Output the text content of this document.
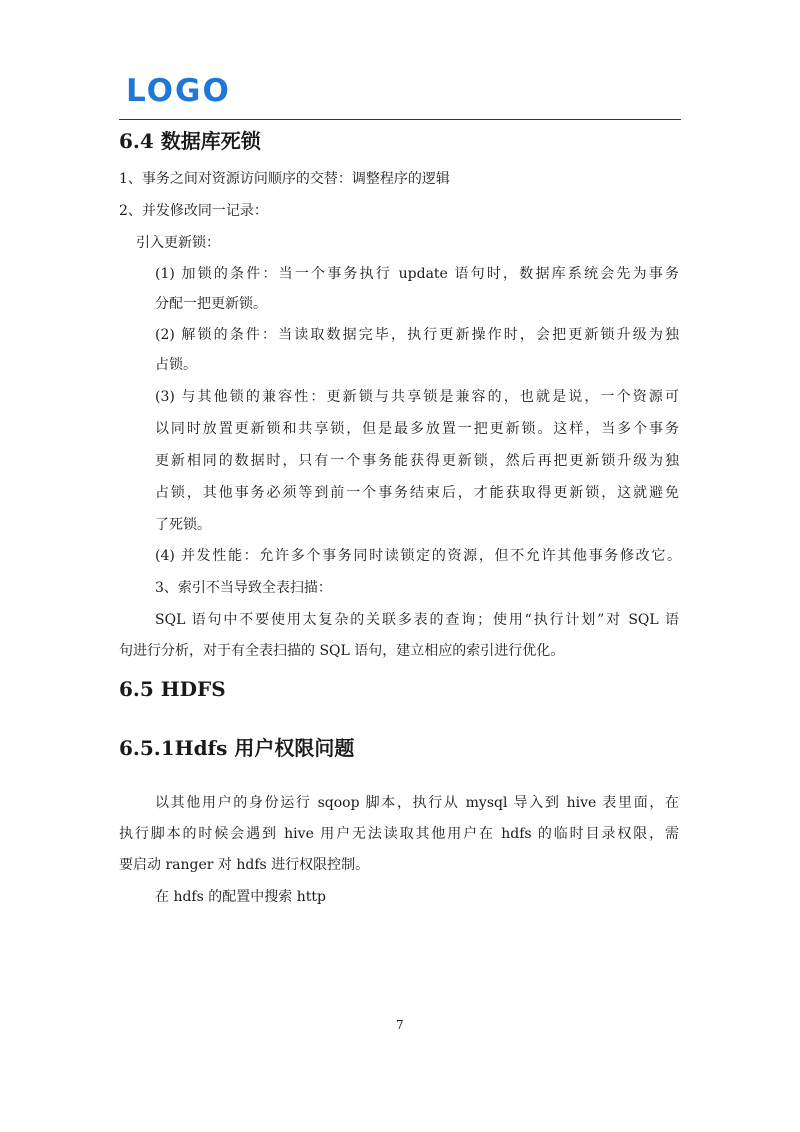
LOGO
6.4 数据库死锁
1、事务之间对资源访问顺序的交替：调整程序的逻辑
2、并发修改同一记录：
引入更新锁：
(1) 加锁的条件：当一个事务执行 update 语句时，数据库系统会先为事务
分配一把更新锁。
(2) 解锁的条件：当读取数据完毕，执行更新操作时，会把更新锁升级为独
占锁。
(3) 与其他锁的兼容性：更新锁与共享锁是兼容的，也就是说，一个资源可
以同时放置更新锁和共享锁，但是最多放置一把更新锁。这样，当多个事务
更新相同的数据时，只有一个事务能获得更新锁，然后再把更新锁升级为独
占锁，其他事务必须等到前一个事务结束后，才能获取得更新锁，这就避免
了死锁。
(4) 并发性能：允许多个事务同时读锁定的资源，但不允许其他事务修改它。
3、索引不当导致全表扫描：
SQL 语句中不要使用太复杂的关联多表的查询；使用“执行计划”对 SQL 语
句进行分析，对于有全表扫描的 SQL 语句，建立相应的索引进行优化。
6.5 HDFS
6.5.1Hdfs 用户权限问题
以其他用户的身份运行 sqoop 脚本，执行从 mysql 导入到 hive 表里面，在
执行脚本的时候会遇到 hive 用户无法读取其他用户在 hdfs 的临时目录权限，需
要启动 ranger 对 hdfs 进行权限控制。
在 hdfs 的配置中搜索 http
7
